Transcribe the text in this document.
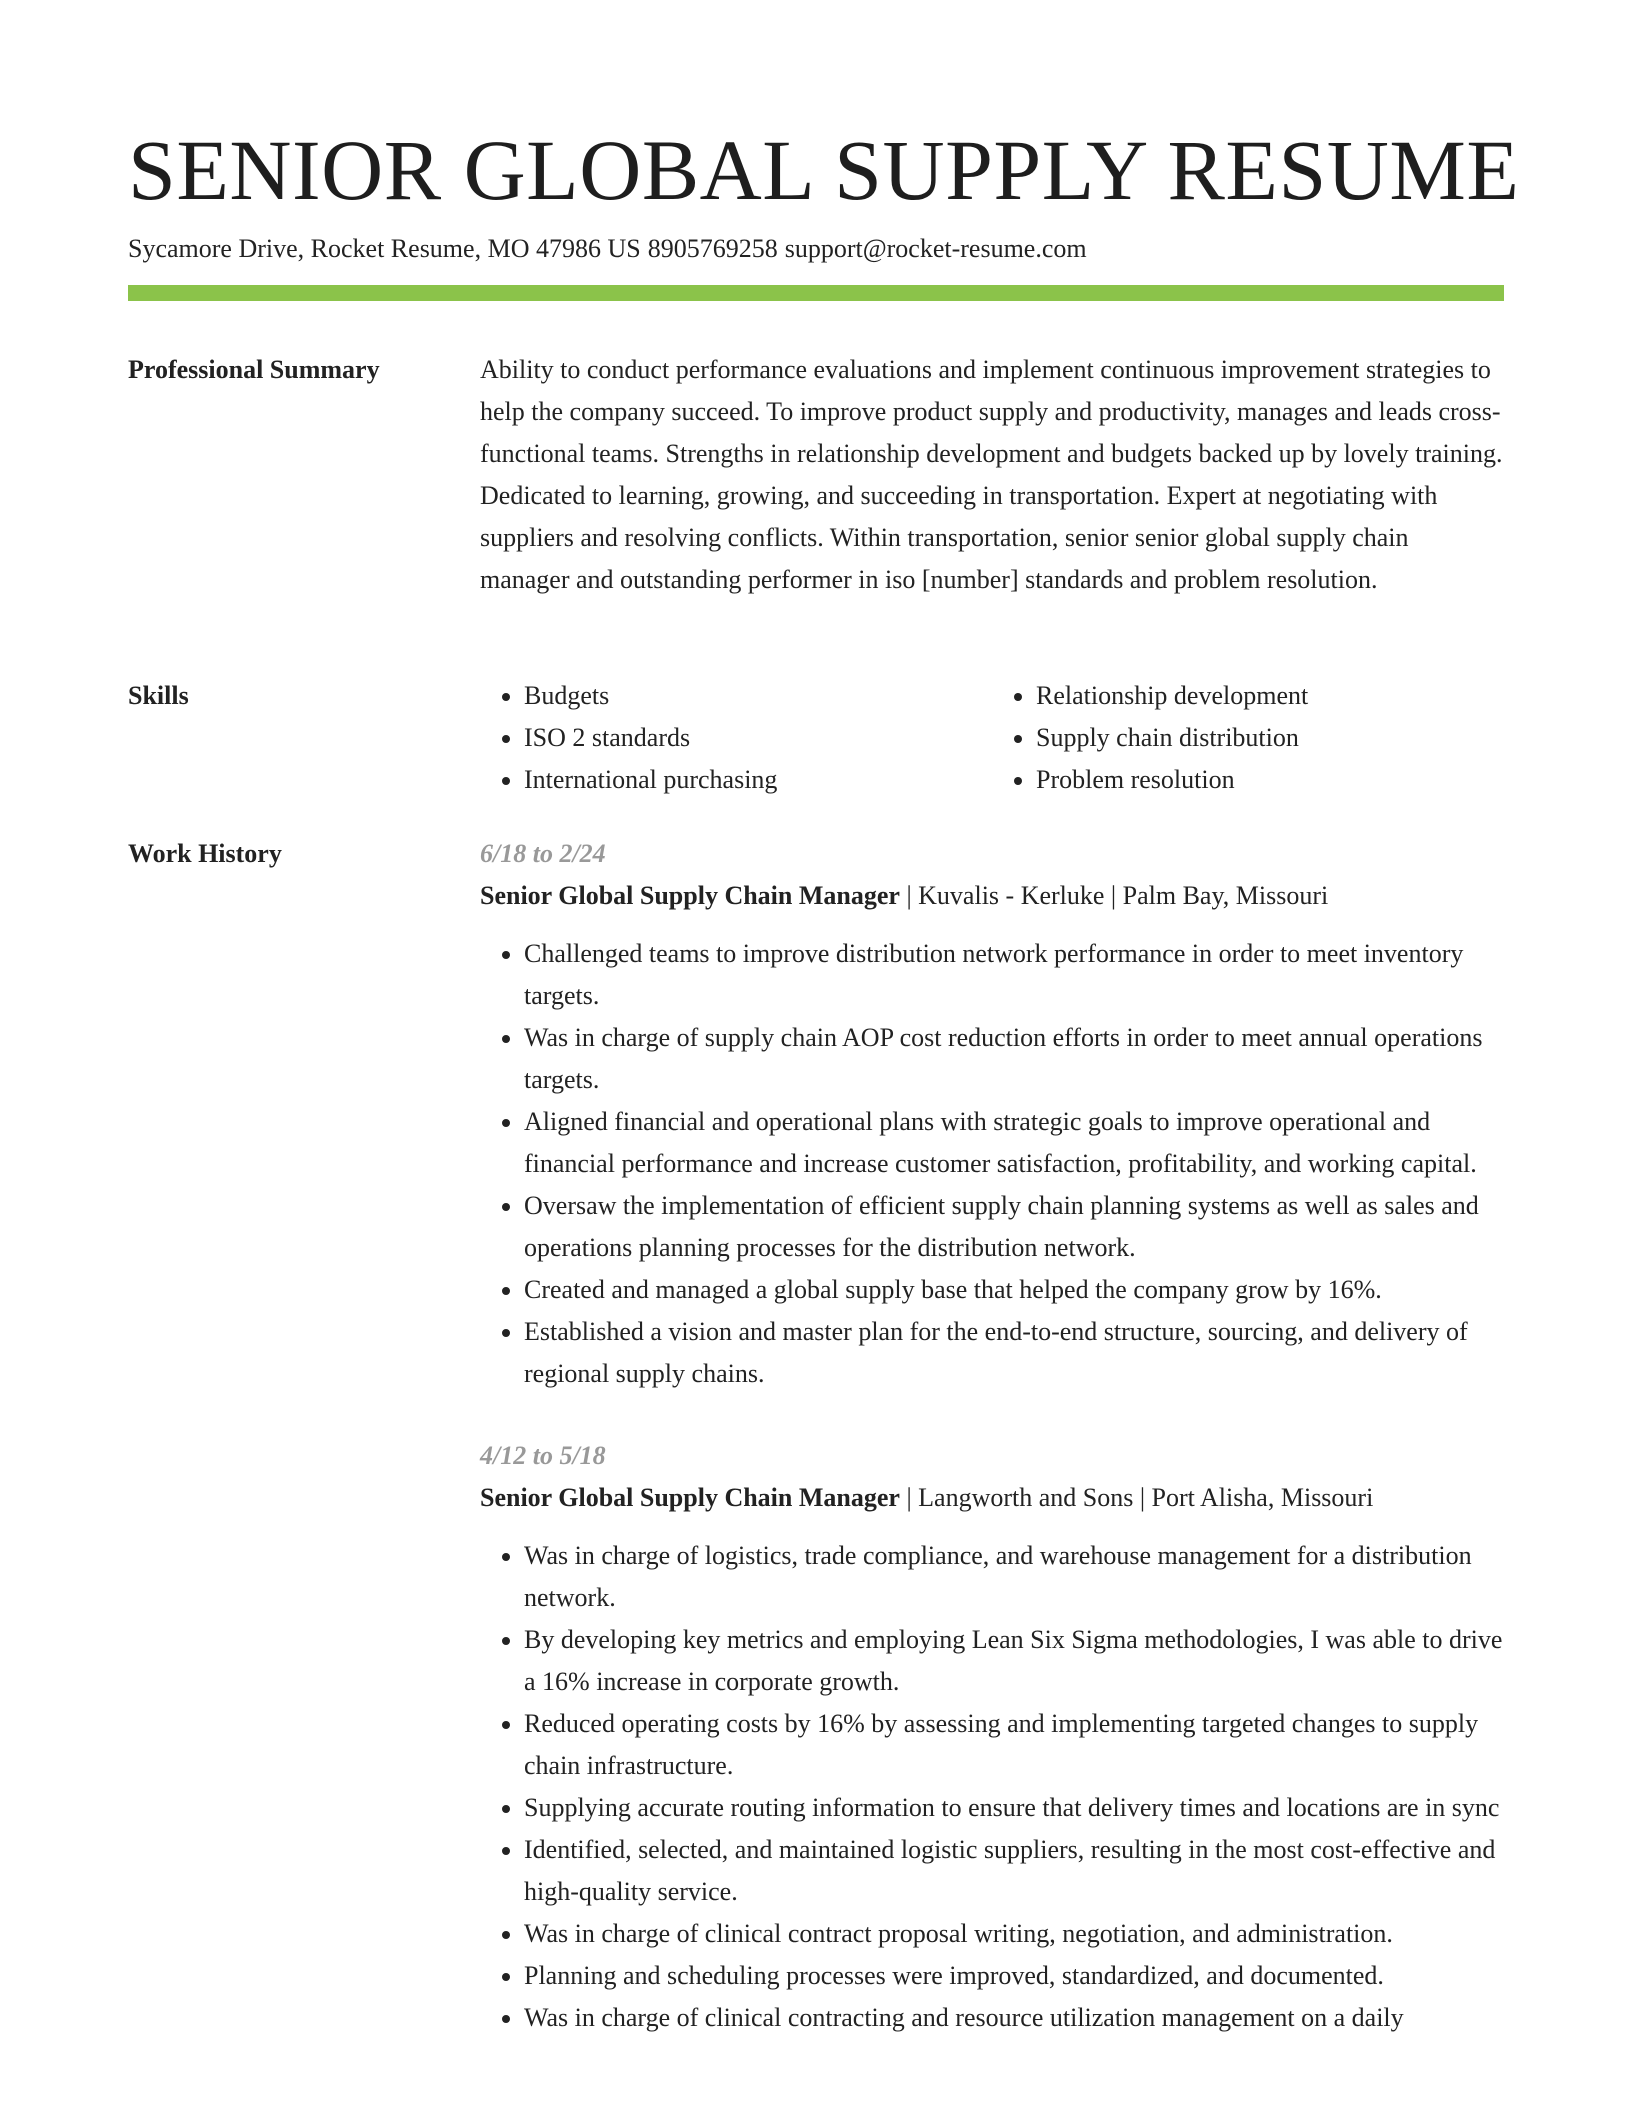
SENIOR GLOBAL SUPPLY RESUME
Sycamore Drive, Rocket Resume, MO 47986 US 8905769258 support@rocket-resume.com
Professional Summary	Ability to conduct performance evaluations and implement continuous improvement strategies to help the company succeed. To improve product supply and productivity, manages and leads cross-functional teams. Strengths in relationship development and budgets backed up by lovely training. Dedicated to learning, growing, and succeeding in transportation. Expert at negotiating with suppliers and resolving conflicts. Within transportation, senior senior global supply chain manager and outstanding performer in iso [number] standards and problem resolution.

Skills
•	Budgets
• ISO 2 standards
• International purchasing
• Relationship development
• Supply chain distribution
• Problem resolution
Work History	6/18 to 2/24
Senior Global Supply Chain Manager | Kuvalis - Kerluke | Palm Bay, Missouri
• Challenged teams to improve distribution network performance in order to meet inventory targets.
• Was in charge of supply chain AOP cost reduction efforts in order to meet annual operations targets.
• Aligned financial and operational plans with strategic goals to improve operational and financial performance and increase customer satisfaction, profitability, and working capital.
• Oversaw the implementation of efficient supply chain planning systems as well as sales and operations planning processes for the distribution network.
• Created and managed a global supply base that helped the company grow by 16%.
• Established a vision and master plan for the end-to-end structure, sourcing, and delivery of regional supply chains.
4/12 to 5/18
Senior Global Supply Chain Manager | Langworth and Sons | Port Alisha, Missouri
• Was in charge of logistics, trade compliance, and warehouse management for a distribution network.
• By developing key metrics and employing Lean Six Sigma methodologies, I was able to drive a 16% increase in corporate growth.
• Reduced operating costs by 16% by assessing and implementing targeted changes to supply chain infrastructure.
• Supplying accurate routing information to ensure that delivery times and locations are in sync
• Identified, selected, and maintained logistic suppliers, resulting in the most cost-effective and high-quality service.
• Was in charge of clinical contract proposal writing, negotiation, and administration.
• Planning and scheduling processes were improved, standardized, and documented.
• Was in charge of clinical contracting and resource utilization management on a daily
